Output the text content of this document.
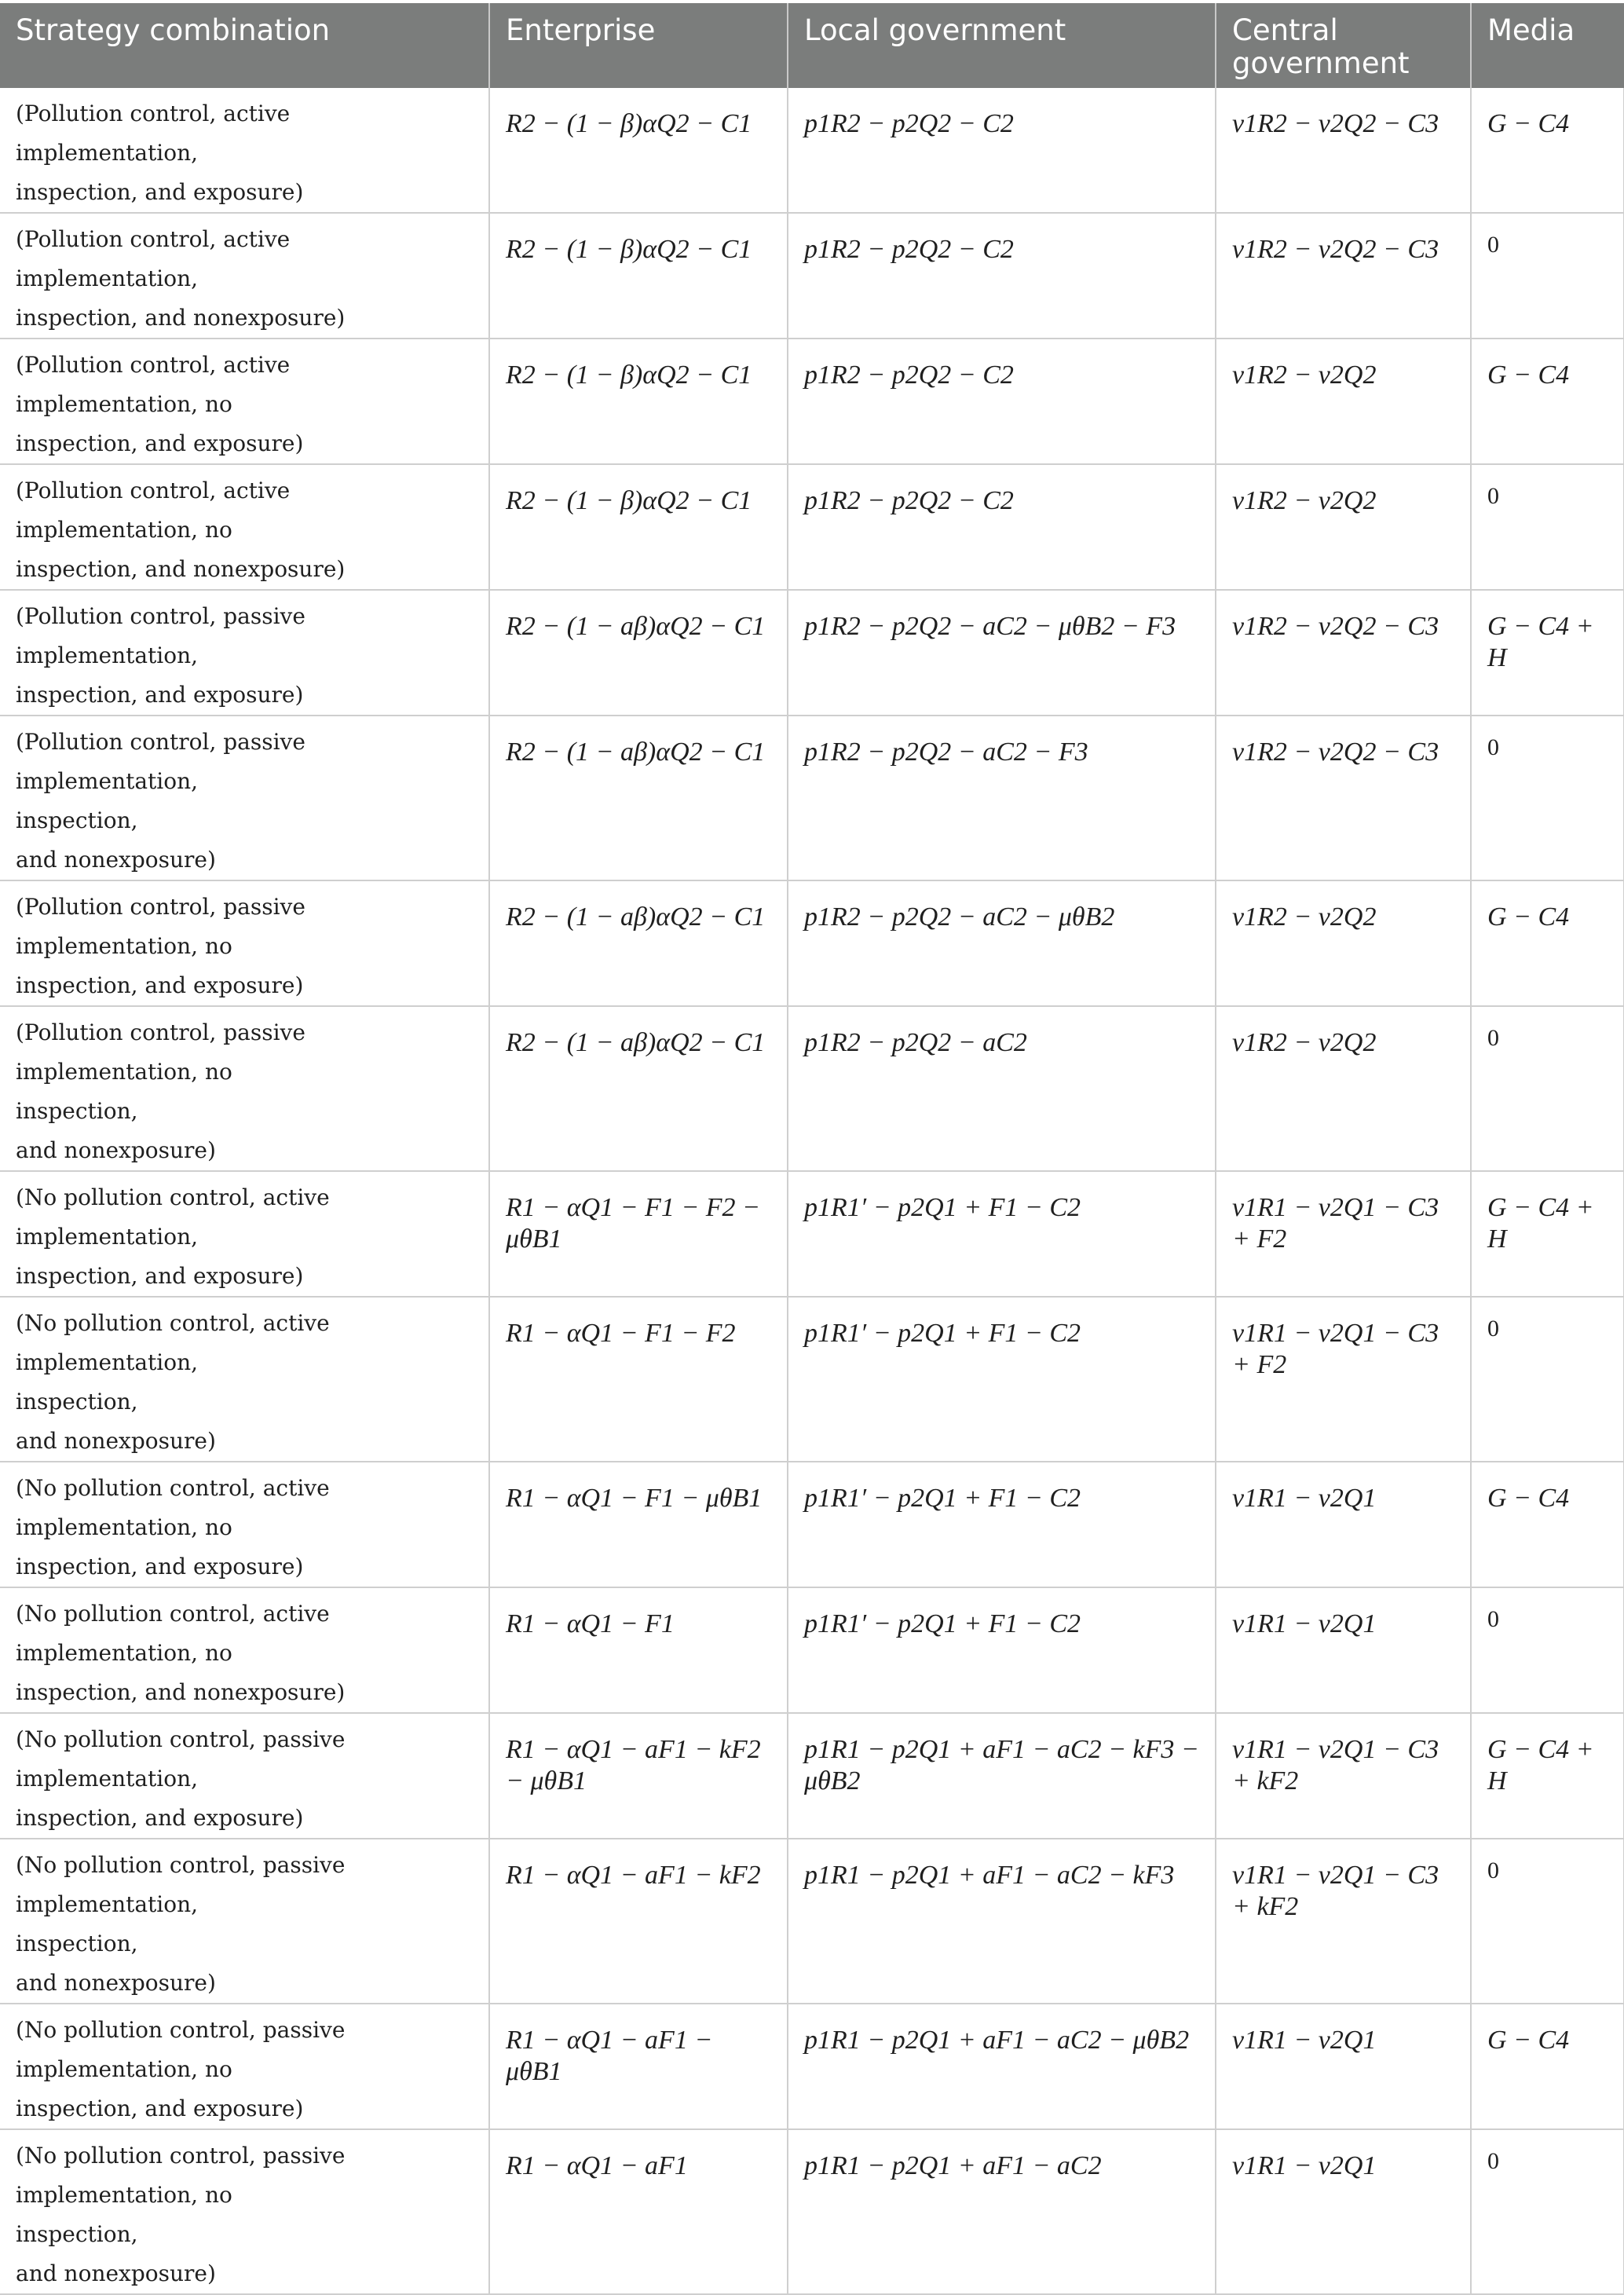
Strategy combination	Enterprise	Local government	Central government	Media

(Pollution control, active implementation,
inspection, and exposure)	R2 − (1 − β)αQ2 − C1	p1R2 − p2Q2 − C2	v1R2 − v2Q2 − C3	G − C4

(Pollution control, active implementation,
inspection, and nonexposure)	R2 − (1 − β)αQ2 − C1	p1R2 − p2Q2 − C2	v1R2 − v2Q2 − C3	0

(Pollution control, active implementation, no
inspection, and exposure)	R2 − (1 − β)αQ2 − C1	p1R2 − p2Q2 − C2	v1R2 − v2Q2	G − C4

(Pollution control, active implementation, no
inspection, and nonexposure)	R2 − (1 − β)αQ2 − C1	p1R2 − p2Q2 − C2	v1R2 − v2Q2	0

(Pollution control, passive implementation,
inspection, and exposure)	R2 − (1 − aβ)αQ2 − C1	p1R2 − p2Q2 − aC2 − μθB2 − F3	v1R2 − v2Q2 − C3	G − C4 + H

(Pollution control, passive implementation,
inspection,
and nonexposure)	R2 − (1 − aβ)αQ2 − C1	p1R2 − p2Q2 − aC2 − F3	v1R2 − v2Q2 − C3	0

(Pollution control, passive implementation, no
inspection, and exposure)	R2 − (1 − aβ)αQ2 − C1	p1R2 − p2Q2 − aC2 − μθB2	v1R2 − v2Q2	G − C4

(Pollution control, passive implementation, no
inspection,
and nonexposure)	R2 − (1 − aβ)αQ2 − C1	p1R2 − p2Q2 − aC2	v1R2 − v2Q2	0

(No pollution control, active implementation,
inspection, and exposure)	R1 − αQ1 − F1 − F2 − μθB1	p1R1′ − p2Q1 + F1 − C2	v1R1 − v2Q1 − C3 + F2	G − C4 + H

(No pollution control, active implementation,
inspection,
and nonexposure)	R1 − αQ1 − F1 − F2	p1R1′ − p2Q1 + F1 − C2	v1R1 − v2Q1 − C3 + F2	0

(No pollution control, active implementation, no
inspection, and exposure)	R1 − αQ1 − F1 − μθB1	p1R1′ − p2Q1 + F1 − C2	v1R1 − v2Q1	G − C4

(No pollution control, active implementation, no
inspection, and nonexposure)	R1 − αQ1 − F1	p1R1′ − p2Q1 + F1 − C2	v1R1 − v2Q1	0

(No pollution control, passive implementation,
inspection, and exposure)	R1 − αQ1 − aF1 − kF2 − μθB1	p1R1 − p2Q1 + aF1 − aC2 − kF3 − μθB2	v1R1 − v2Q1 − C3 + kF2	G − C4 + H

(No pollution control, passive implementation,
inspection,
and nonexposure)	R1 − αQ1 − aF1 − kF2	p1R1 − p2Q1 + aF1 − aC2 − kF3	v1R1 − v2Q1 − C3 + kF2	0

(No pollution control, passive implementation, no
inspection, and exposure)	R1 − αQ1 − aF1 − μθB1	p1R1 − p2Q1 + aF1 − aC2 − μθB2	v1R1 − v2Q1	G − C4

(No pollution control, passive implementation, no
inspection,
and nonexposure)	R1 − αQ1 − aF1	p1R1 − p2Q1 + aF1 − aC2	v1R1 − v2Q1	0
